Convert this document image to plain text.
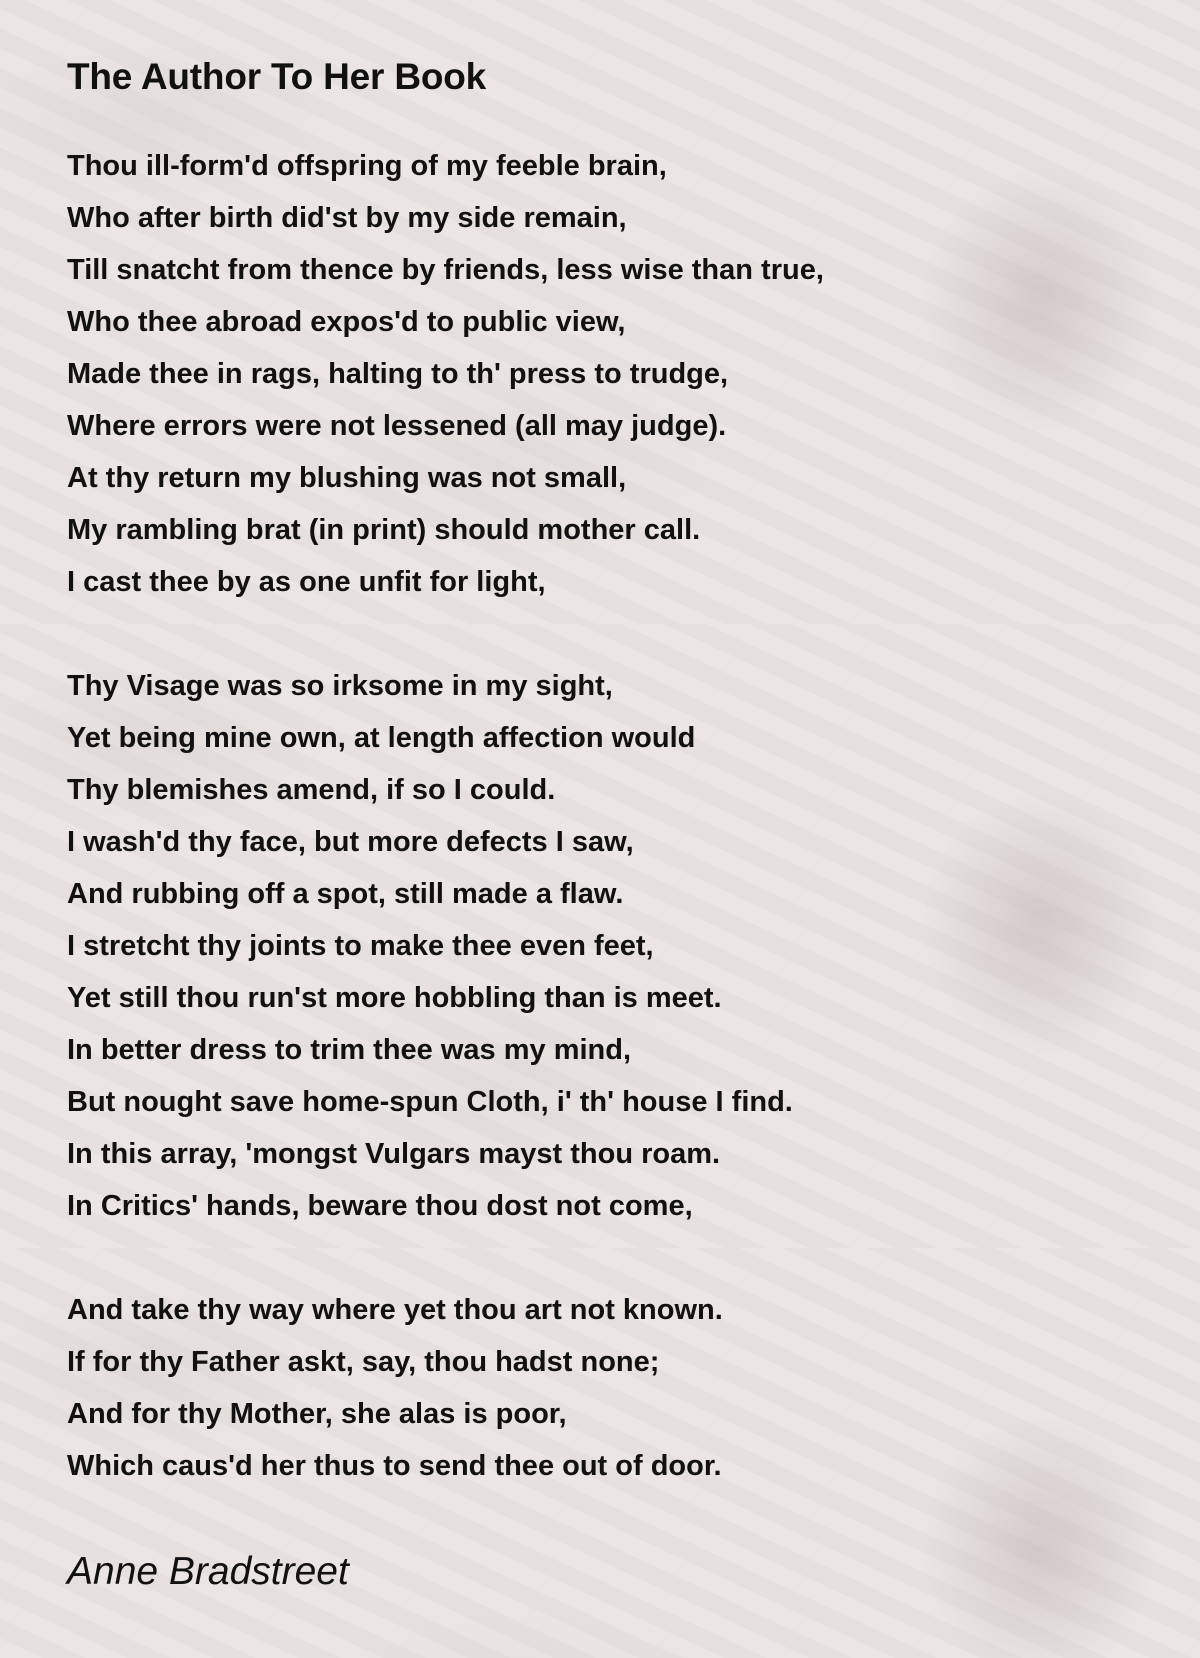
The Author To Her Book
Thou ill-form'd offspring of my feeble brain,
Who after birth did'st by my side remain,
Till snatcht from thence by friends, less wise than true,
Who thee abroad expos'd to public view,
Made thee in rags, halting to th' press to trudge,
Where errors were not lessened (all may judge).
At thy return my blushing was not small,
My rambling brat (in print) should mother call.
I cast thee by as one unfit for light,
Thy Visage was so irksome in my sight,
Yet being mine own, at length affection would
Thy blemishes amend, if so I could.
I wash'd thy face, but more defects I saw,
And rubbing off a spot, still made a flaw.
I stretcht thy joints to make thee even feet,
Yet still thou run'st more hobbling than is meet.
In better dress to trim thee was my mind,
But nought save home-spun Cloth, i' th' house I find.
In this array, 'mongst Vulgars mayst thou roam.
In Critics' hands, beware thou dost not come,
And take thy way where yet thou art not known.
If for thy Father askt, say, thou hadst none;
And for thy Mother, she alas is poor,
Which caus'd her thus to send thee out of door.
Anne Bradstreet
